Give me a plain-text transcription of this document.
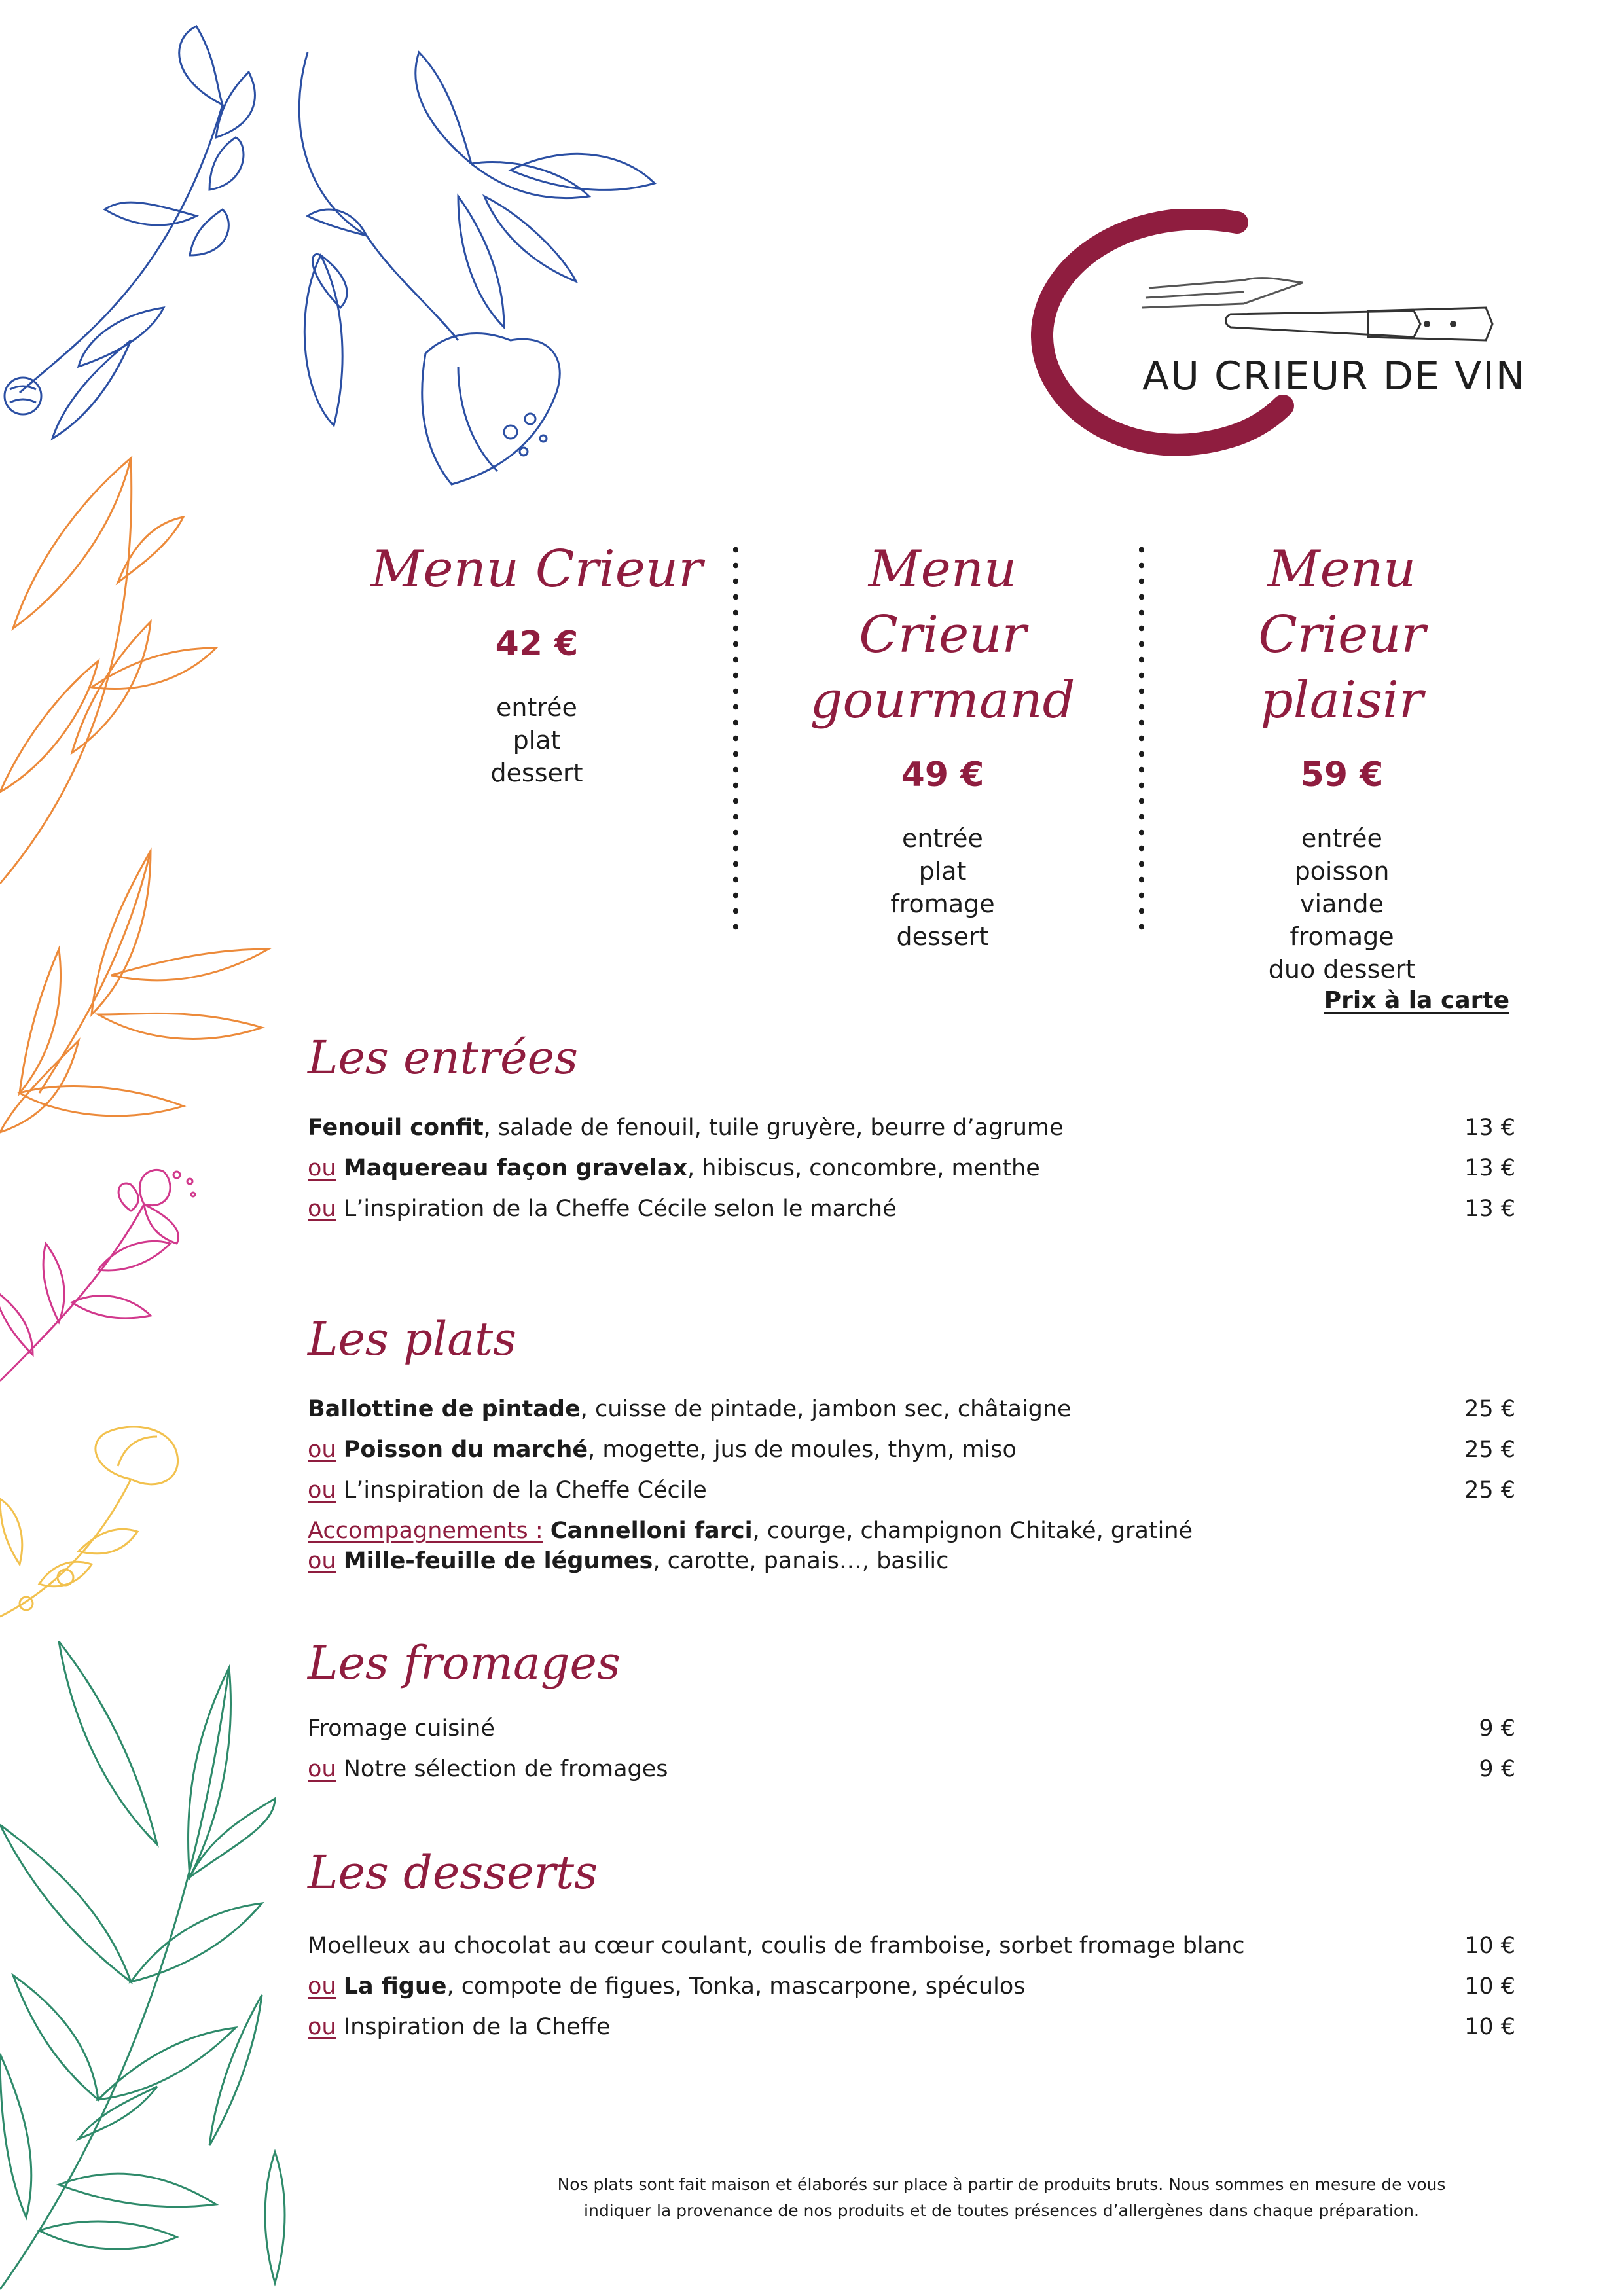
AU CRIEUR DE VIN

Menu Crieur

42 €
entrée
plat
dessert

Menu Crieur gourmand

49 €
entrée
plat
fromage
dessert

Menu Crieur plaisir

59 €
entrée
poisson
viande
fromage
duo dessert
Prix à la carte

Les entrées

Fenouil confit, salade de fenouil, tuile gruyère, beurre d’agrume	13 €
ou Maquereau façon gravelax, hibiscus, concombre, menthe	13 €
ou L’inspiration de la Cheffe Cécile selon le marché	13 €

Les plats

Ballottine de pintade, cuisse de pintade, jambon sec, châtaigne	25 €
ou Poisson du marché, mogette, jus de moules, thym, miso	25 €
ou L’inspiration de la Cheffe Cécile	25 €
Accompagnements : Cannelloni farci, courge, champignon Chitaké, gratiné
ou Mille-feuille de légumes, carotte, panais…, basilic

Les fromages

Fromage cuisiné	9 €
ou Notre sélection de fromages	9 €

Les desserts

Moelleux au chocolat au cœur coulant, coulis de framboise, sorbet fromage blanc	10 €
ou La figue, compote de figues, Tonka, mascarpone, spéculos	10 €
ou Inspiration de la Cheffe	10 €
Nos plats sont fait maison et élaborés sur place à partir de produits bruts. Nous sommes en mesure de vous
indiquer la provenance de nos produits et de toutes présences d’allergènes dans chaque préparation.
